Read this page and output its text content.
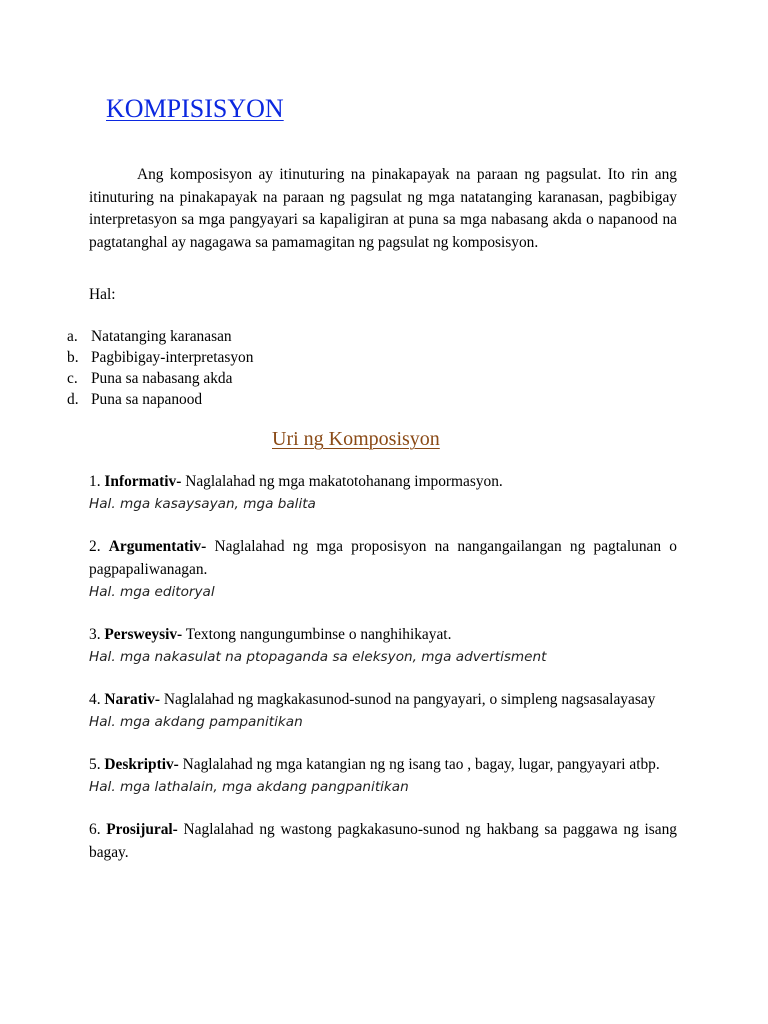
KOMPISISYON

Ang komposisyon ay itinuturing na pinakapayak na paraan ng pagsulat. Ito rin ang itinuturing na pinakapayak na paraan ng pagsulat ng mga natatanging karanasan, pagbibigay interpretasyon sa mga pangyayari sa kapaligiran at puna sa mga nabasang akda o napanood na pagtatanghal ay nagagawa sa pamamagitan ng pagsulat ng komposisyon.

Hal:

a. Natatanging karanasan
b. Pagbibigay-interpretasyon
c. Puna sa nabasang akda
d. Puna sa napanood
Uri ng Komposisyon

1. Informativ- Naglalahad ng mga makatotohanang impormasyon.

Hal. mga kasaysayan, mga balita

2. Argumentativ- Naglalahad ng mga proposisyon na nangangailangan ng pagtalunan o pagpapaliwanagan.

Hal. mga editoryal

3. Persweysiv- Textong nangungumbinse o nanghihikayat.

Hal. mga nakasulat na ptopaganda sa eleksyon, mga advertisment

4. Narativ- Naglalahad ng magkakasunod-sunod na pangyayari, o simpleng nagsasalayasay

Hal. mga akdang pampanitikan

5. Deskriptiv- Naglalahad ng mga katangian ng ng isang tao , bagay, lugar, pangyayari atbp.

Hal. mga lathalain, mga akdang pangpanitikan

6. Prosijural- Naglalahad ng wastong pagkakasuno-sunod ng hakbang sa paggawa ng isang bagay.
